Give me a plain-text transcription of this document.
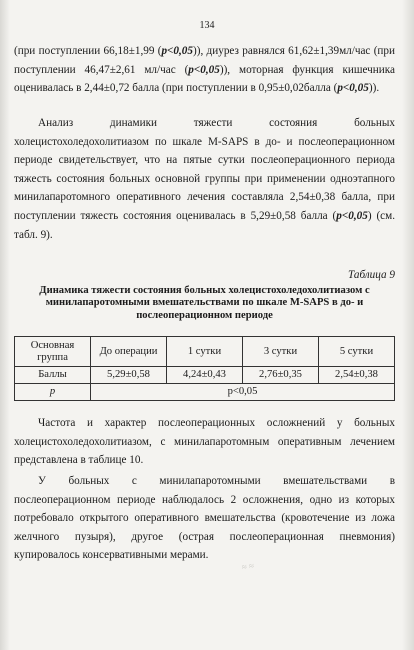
134
(при поступлении 66,18±1,99 (p<0,05)), диурез равнялся 61,62±1,39мл/час (при поступлении 46,47±2,61 мл/час (p<0,05)), моторная функция кишечника оценивалась в 2,44±0,72 балла (при поступлении в 0,95±0,02балла (p<0,05)).
Анализ динамики тяжести состояния больных холецистохоледохолитиазом по шкале M-SAPS в до- и послеоперационном периоде свидетельствует, что на пятые сутки послеоперационного периода тяжесть состояния больных основной группы при применении одноэтапного минилапаротомного оперативного лечения составляла 2,54±0,38 балла, при поступлении тяжесть состояния оценивалась в 5,29±0,58 балла (p<0,05) (см. табл. 9).
Таблица 9
Динамика тяжести состояния больных холецистохоледохолитиазом с минилапаротомными вмешательствами по шкале M-SAPS в до- и послеоперационном периоде
Основная группа	До операции	1 сутки	3 сутки	5 сутки
Баллы	5,29±0,58	4,24±0,43	2,76±0,35	2,54±0,38
p	p<0,05			
Частота и характер послеоперационных осложнений у больных холецистохоледохолитиазом, с минилапаротомным оперативным лечением представлена в таблице 10.
У больных с минилапаротомными вмешательствами в послеоперационном периоде наблюдалось 2 осложнения, одно из которых потребовало открытого оперативного вмешательства (кровотечение из ложа желчного пузыря), другое (острая послеоперационная пневмония) купировалось консервативными мерами.
≈ ≈
